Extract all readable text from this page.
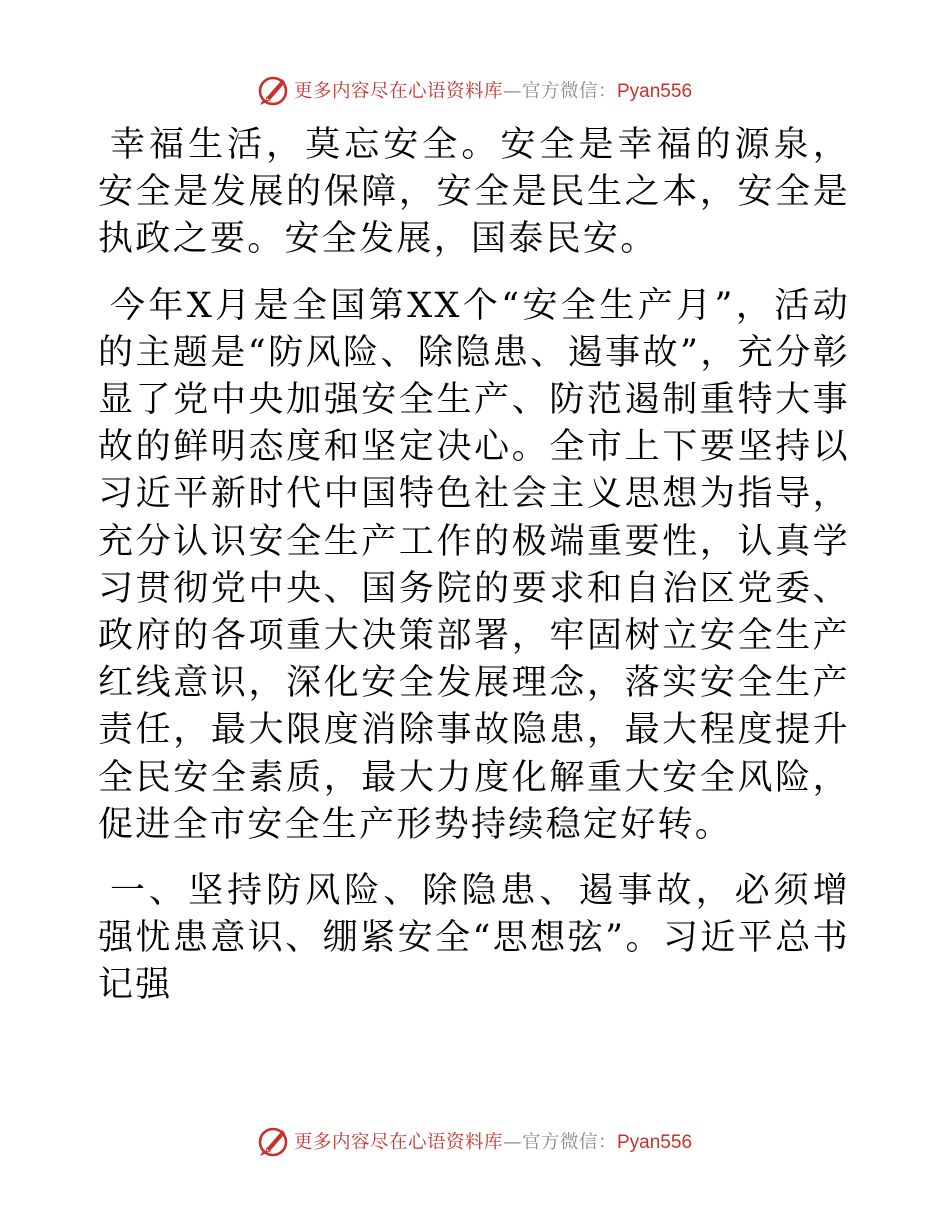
更多内容尽在心语资料库 — 官方微信： Pyan556

幸福生活，莫忘安全。安全是幸福的源泉，安全是发展的保障，安全是民生之本，安全是执政之要。安全发展，国泰民安。

今年X月是全国第XX个“安全生产月”，活动的主题是“防风险、除隐患、遏事故”，充分彰显了党中央加强安全生产、防范遏制重特大事故的鲜明态度和坚定决心。全市上下要坚持以习近平新时代中国特色社会主义思想为指导，充分认识安全生产工作的极端重要性，认真学习贯彻党中央、国务院的要求和自治区党委、政府的各项重大决策部署，牢固树立安全生产红线意识，深化安全发展理念，落实安全生产责任，最大限度消除事故隐患，最大程度提升全民安全素质，最大力度化解重大安全风险，促进全市安全生产形势持续稳定好转。

一、坚持防风险、除隐患、遏事故，必须增强忧患意识、绷紧安全“思想弦”。习近平总书记强

更多内容尽在心语资料库 — 官方微信： Pyan556
